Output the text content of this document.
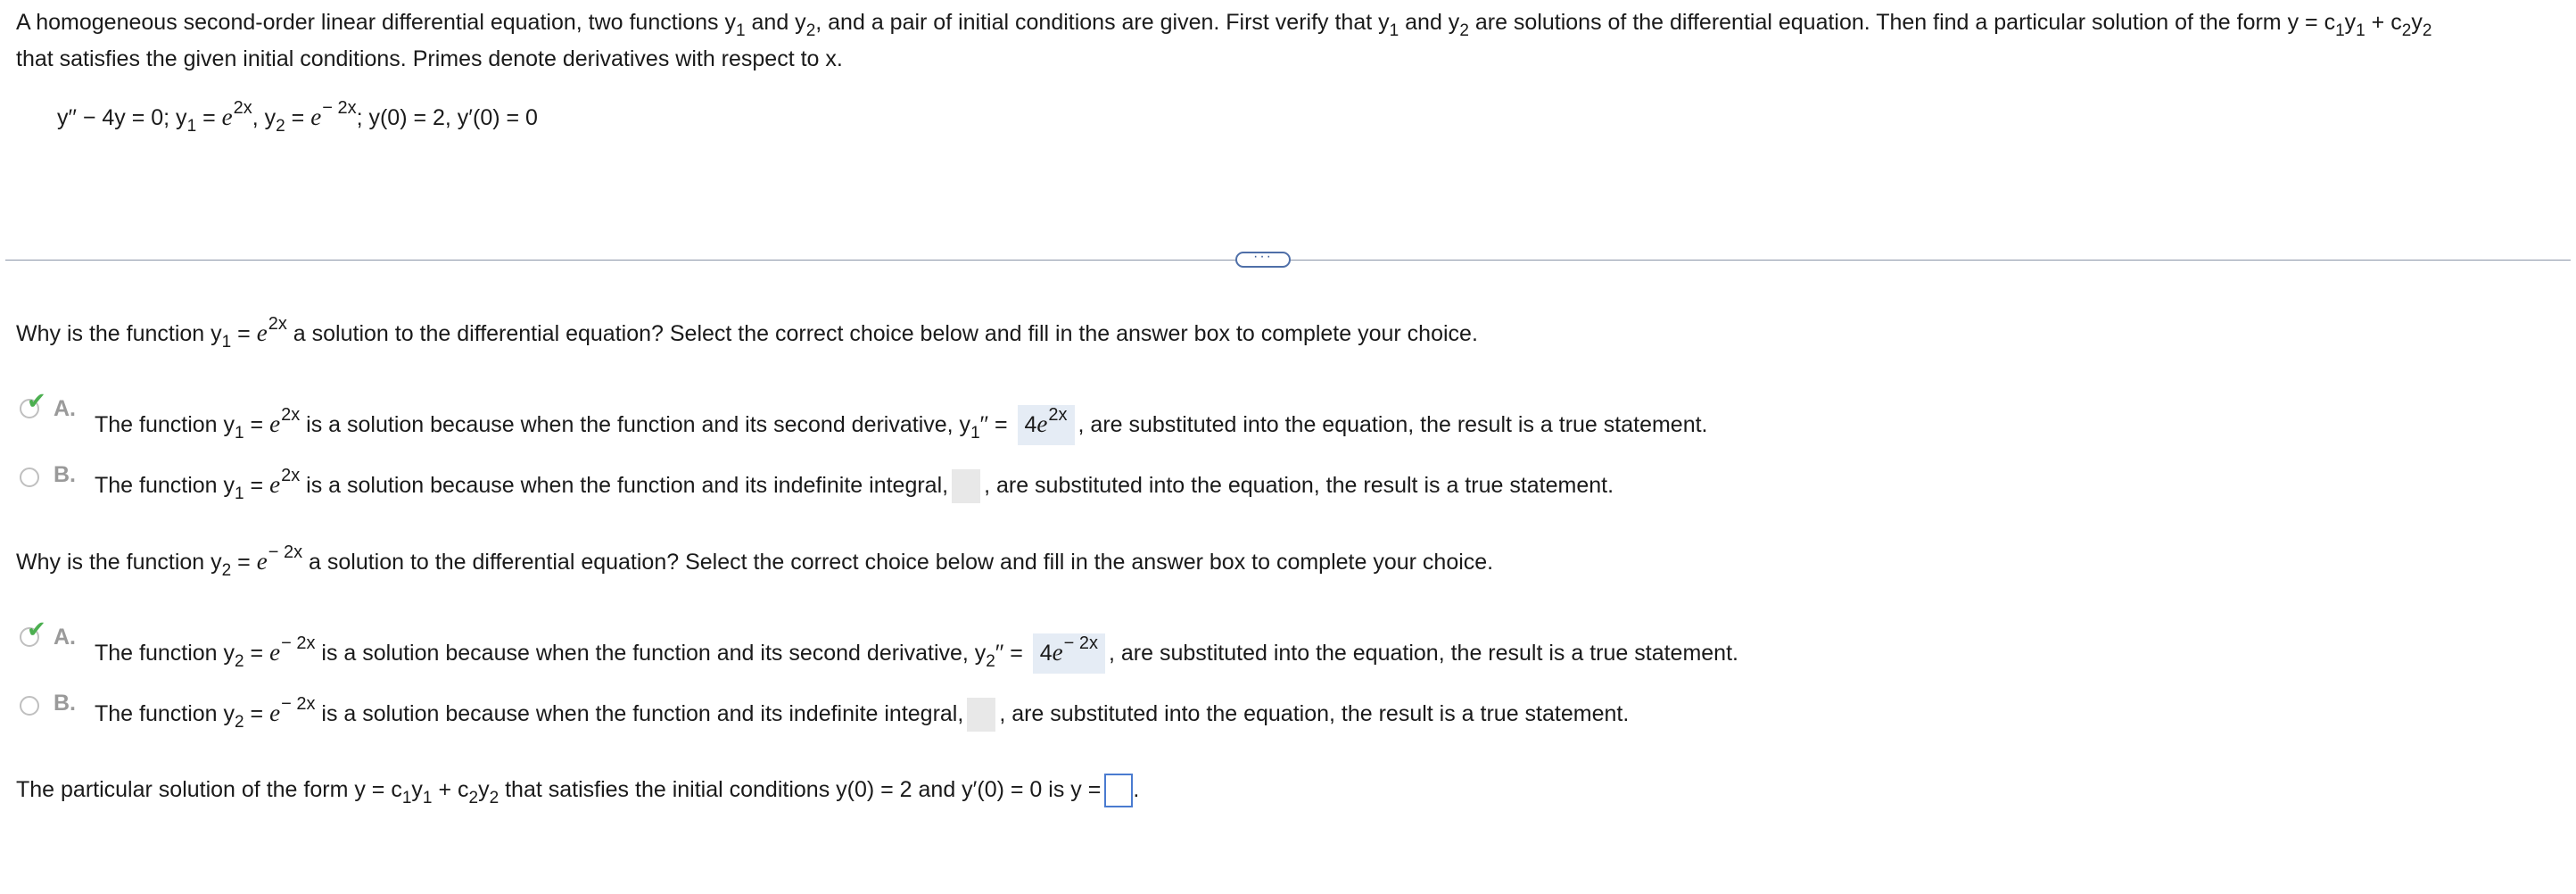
A homogeneous second-order linear differential equation, two functions $y_1$ and $y_2$, and a pair of initial conditions are given. First verify that $y_1$ and $y_2$ are solutions of the differential equation. Then find a particular solution of the form $y = c_1y_1 + c_2y_2$
that satisfies the given initial conditions. Primes denote derivatives with respect to x.
y′′ − 4y = 0; $y_1 = e^{2x}$, $y_2 = e^{- 2x}$; y(0) = 2, y′(0) = 0
···
Why is the function $y_1 = e^{2x}$ a solution to the differential equation? Select the correct choice below and fill in the answer box to complete your choice.
✔ A.
The function $y_1 = e^{2x}$ is a solution because when the function and its second derivative, $y_1'' = 4e^{2x}$ , are substituted into the equation, the result is a true statement.
B. The function $y_1 = e^{2x}$ is a solution because when the function and its indefinite integral, , are substituted into the equation, the result is a true statement.
Why is the function $y_2 = e^{- 2x}$ a solution to the differential equation? Select the correct choice below and fill in the answer box to complete your choice.
✔ A.
The function $y_2 = e^{- 2x}$ is a solution because when the function and its second derivative, $y_2'' = 4e^{- 2x}$ , are substituted into the equation, the result is a true statement.
B. The function $y_2 = e^{- 2x}$ is a solution because when the function and its indefinite integral, , are substituted into the equation, the result is a true statement.
The particular solution of the form $y = c_1y_1 + c_2y_2$ that satisfies the initial conditions y(0) = 2 and y′(0) = 0 is y = .
